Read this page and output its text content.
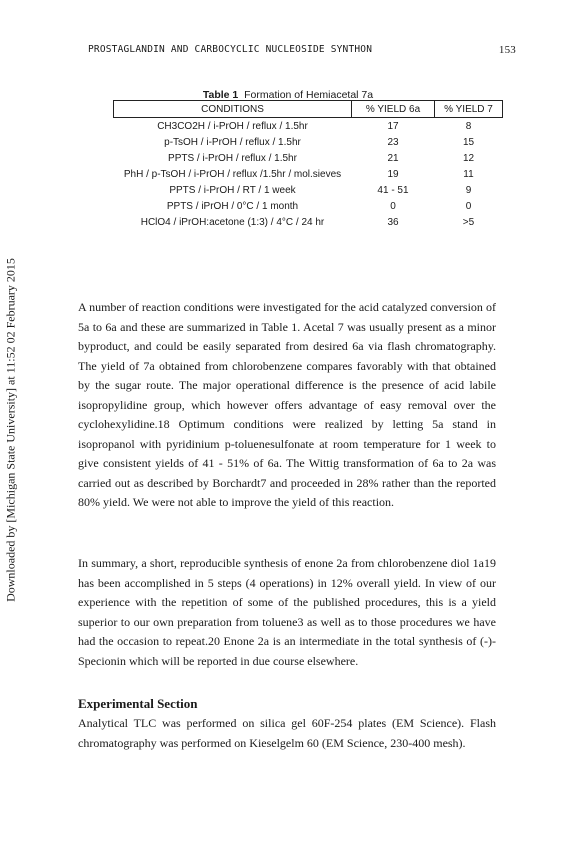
PROSTAGLANDIN AND CARBOCYCLIC NUCLEOSIDE SYNTHON	153
Downloaded by [Michigan State University] at 11:52 02 February 2015
Table 1 Formation of Hemiacetal 7a
CONDITIONS	% YIELD 6a	% YIELD 7
CH3CO2H / i-PrOH / reflux / 1.5hr	17	8
p-TsOH / i-PrOH / reflux / 1.5hr	23	15
PPTS / i-PrOH / reflux / 1.5hr	21	12
PhH / p-TsOH / i-PrOH / reflux /1.5hr / mol.sieves	19	11
PPTS / i-PrOH / RT / 1 week	41 - 51	9
PPTS / iPrOH / 0°C / 1 month	0	0
HClO4 / iPrOH:acetone (1:3) / 4°C / 24 hr	36	>5

A number of reaction conditions were investigated for the acid catalyzed conversion of 5a to 6a and these are summarized in Table 1. Acetal 7 was usually present as a minor byproduct, and could be easily separated from desired 6a via flash chromatography. The yield of 7a obtained from chlorobenzene compares favorably with that obtained by the sugar route. The major operational difference is the presence of acid labile isopropylidine group, which however offers advantage of easy removal over the cyclohexylidine.18 Optimum conditions were realized by letting 5a stand in isopropanol with pyridinium p-toluenesulfonate at room temperature for 1 week to give consistent yields of 41 - 51% of 6a. The Wittig transformation of 6a to 2a was carried out as described by Borchardt7 and proceeded in 28% rather than the reported 80% yield. We were not able to improve the yield of this reaction.

In summary, a short, reproducible synthesis of enone 2a from chlorobenzene diol 1a19 has been accomplished in 5 steps (4 operations) in 12% overall yield. In view of our experience with the repetition of some of the published procedures, this is a yield superior to our own preparation from toluene3 as well as to those procedures we have had the occasion to repeat.20 Enone 2a is an intermediate in the total synthesis of (-)-Specionin which will be reported in due course elsewhere.

Experimental Section

Analytical TLC was performed on silica gel 60F-254 plates (EM Science). Flash chromatography was performed on Kieselgelm 60 (EM Science, 230-400 mesh).
